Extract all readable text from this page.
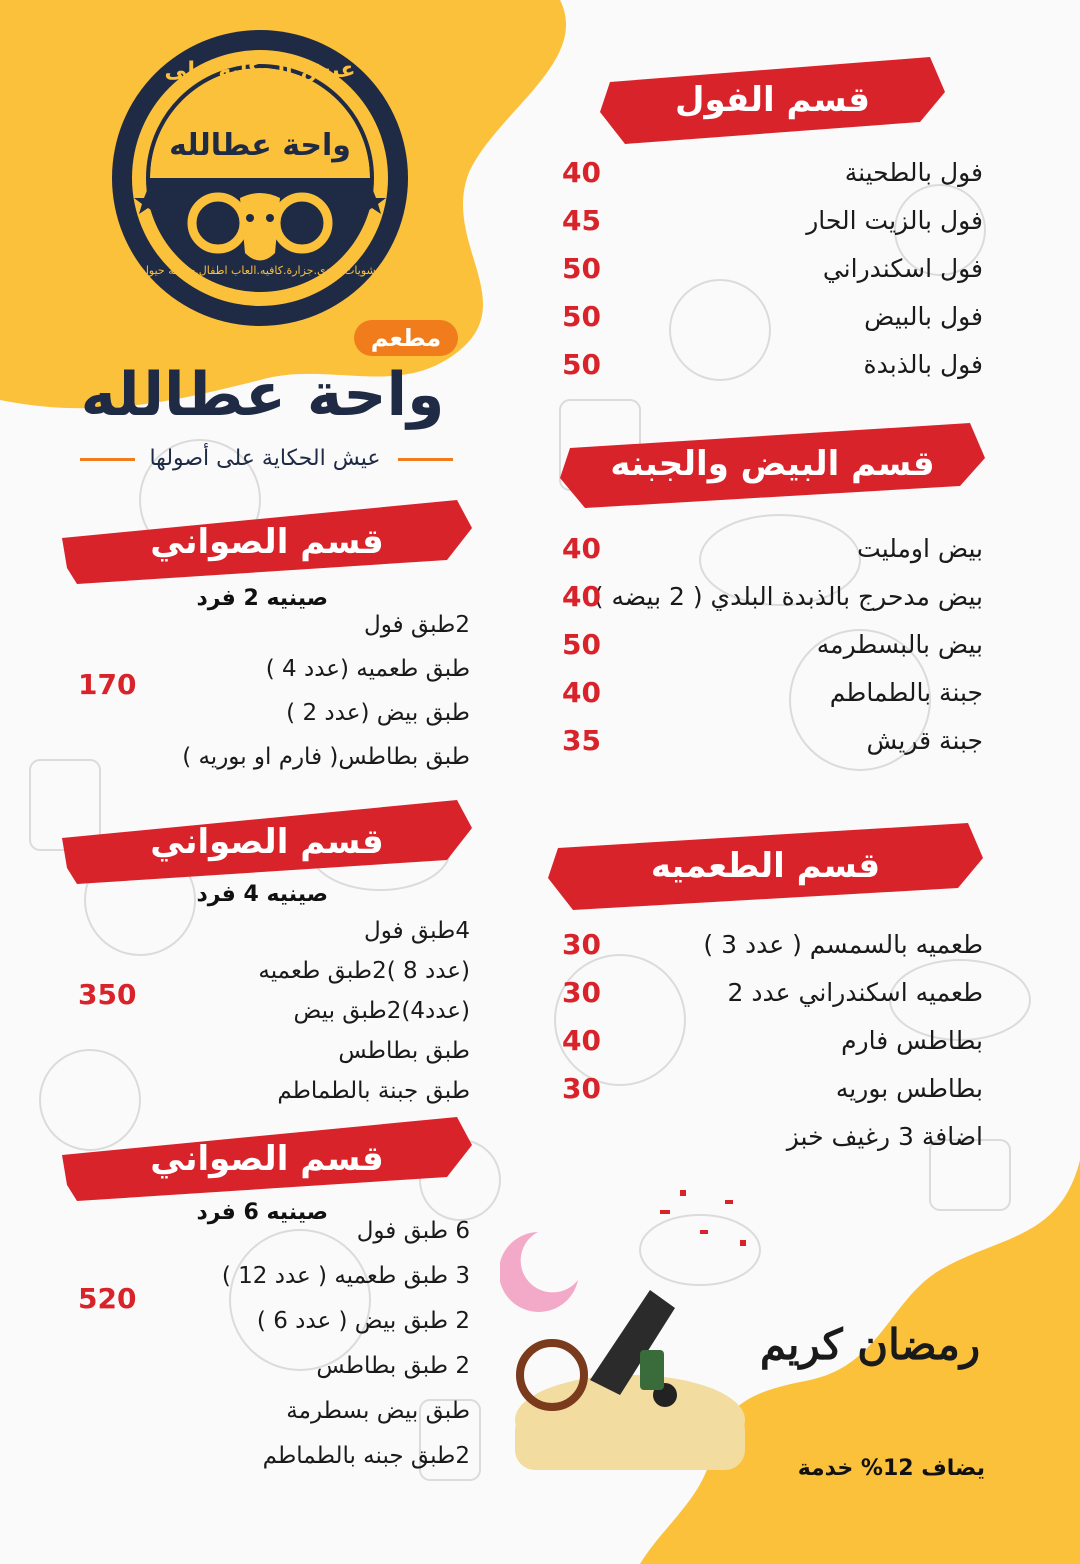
عيش الحكاية على أصولها
واحة عطالله
مشويات.مندي.جزارة.كافيه.العاب اطفال.حديقة حيوان
مطعم
واحة عطالله
عيش الحكاية على أصولها
قسم الفول
فول بالطحينة
40
فول بالزيت الحار
45
فول اسكندراني
50
فول بالبيض
50
فول بالذبدة
50
قسم البيض والجبنه
بيض اومليت
40
بيض مدحرج بالذبدة البلدي ( 2 بيضه )
40
بيض بالبسطرمه
50
جبنة بالطماطم
40
جبنة قريش
35
قسم الطعميه
طعميه بالسمسم ( عدد 3 )
30
طعميه اسكندراني عدد 2
30
بطاطس فارم
40
بطاطس بوريه
30
اضافة 3 رغيف خبز
قسم الصواني
صينيه 2 فرد
2طبق فول
طبق طعميه (عدد 4 )
طبق بيض (عدد 2 )
طبق بطاطس( فارم او بوريه )
170
قسم الصواني
صينيه 4 فرد
4طبق فول
(عدد 8 )2طبق طعميه
(عدد4)2طبق بيض
طبق بطاطس
طبق جبنة بالطماطم
350
قسم الصواني
صينيه 6 فرد
6 طبق فول
3 طبق طعميه ( عدد 12 )
2 طبق بيض ( عدد 6 )
2 طبق بطاطس
طبق بيض بسطرمة
2طبق جبنه بالطماطم
520
رمضان كريم
يضاف 12% خدمة
